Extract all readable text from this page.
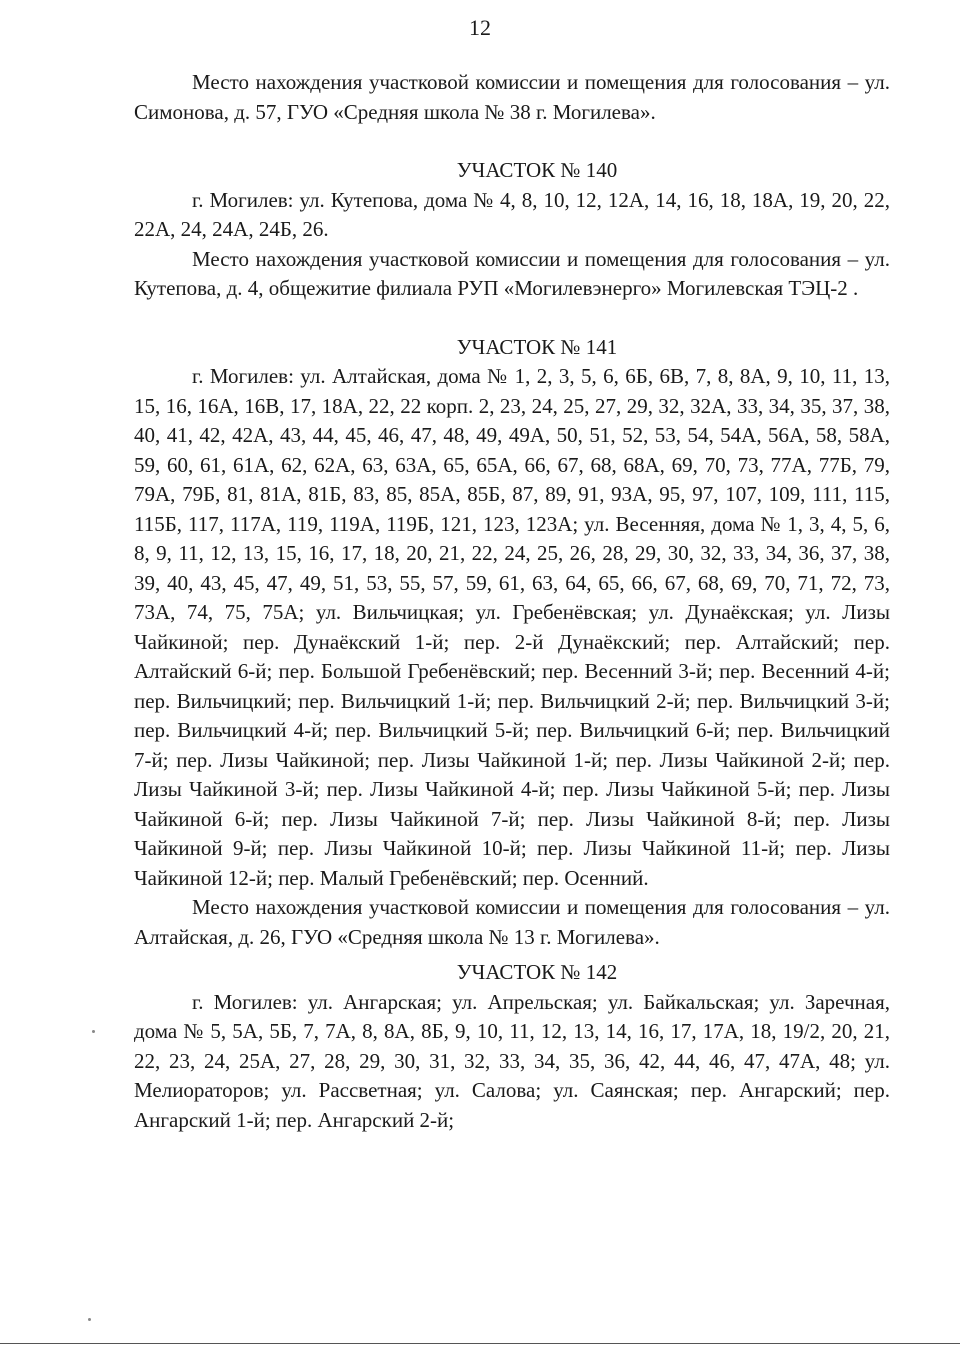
12

Место нахождения участковой комиссии и помещения для голосования – ул. Симонова, д. 57, ГУО «Средняя школа № 38 г. Могилева».

УЧАСТОК № 140

г. Могилев: ул. Кутепова, дома № 4, 8, 10, 12, 12А, 14, 16, 18, 18А, 19, 20, 22, 22А, 24, 24А, 24Б, 26.

Место нахождения участковой комиссии и помещения для голосования – ул. Кутепова, д. 4, общежитие филиала РУП «Могилевэнерго» Могилевская ТЭЦ-2 .

УЧАСТОК № 141

г. Могилев: ул. Алтайская, дома № 1, 2, 3, 5, 6, 6Б, 6В, 7, 8, 8А, 9, 10, 11, 13, 15, 16, 16А, 16В, 17, 18А, 22, 22 корп. 2, 23, 24, 25, 27, 29, 32, 32А, 33, 34, 35, 37, 38, 40, 41, 42, 42А, 43, 44, 45, 46, 47, 48, 49, 49А, 50, 51, 52, 53, 54, 54А, 56А, 58, 58А, 59, 60, 61, 61А, 62, 62А, 63, 63А, 65, 65А, 66, 67, 68, 68А, 69, 70, 73, 77А, 77Б, 79, 79А, 79Б, 81, 81А, 81Б, 83, 85, 85А, 85Б, 87, 89, 91, 93А, 95, 97, 107, 109, 111, 115, 115Б, 117, 117А, 119, 119А, 119Б, 121, 123, 123А; ул. Весенняя, дома № 1, 3, 4, 5, 6, 8, 9, 11, 12, 13, 15, 16, 17, 18, 20, 21, 22, 24, 25, 26, 28, 29, 30, 32, 33, 34, 36, 37, 38, 39, 40, 43, 45, 47, 49, 51, 53, 55, 57, 59, 61, 63, 64, 65, 66, 67, 68, 69, 70, 71, 72, 73, 73А, 74, 75, 75А; ул. Вильчицкая; ул. Гребенёвская; ул. Дунаёкская; ул. Лизы Чайкиной; пер. Дунаёкский 1-й; пер. 2-й Дунаёкский; пер. Алтайский; пер. Алтайский 6-й; пер. Большой Гребенёвский; пер. Весенний 3-й; пер. Весенний 4-й; пер. Вильчицкий; пер. Вильчицкий 1-й; пер. Вильчицкий 2-й; пер. Вильчицкий 3-й; пер. Вильчицкий 4-й; пер. Вильчицкий 5-й; пер. Вильчицкий 6-й; пер. Вильчицкий 7-й; пер. Лизы Чайкиной; пер. Лизы Чайкиной 1-й; пер. Лизы Чайкиной 2-й; пер. Лизы Чайкиной 3-й; пер. Лизы Чайкиной 4-й; пер. Лизы Чайкиной 5-й; пер. Лизы Чайкиной 6-й; пер. Лизы Чайкиной 7-й; пер. Лизы Чайкиной 8-й; пер. Лизы Чайкиной 9-й; пер. Лизы Чайкиной 10-й; пер. Лизы Чайкиной 11-й; пер. Лизы Чайкиной 12-й; пер. Малый Гребенёвский; пер. Осенний.

Место нахождения участковой комиссии и помещения для голосования – ул. Алтайская, д. 26, ГУО «Средняя школа № 13 г. Могилева».

УЧАСТОК № 142

г. Могилев: ул. Ангарская; ул. Апрельская; ул. Байкальская; ул. Заречная, дома № 5, 5А, 5Б, 7, 7А, 8, 8А, 8Б, 9, 10, 11, 12, 13, 14, 16, 17, 17А, 18, 19/2, 20, 21, 22, 23, 24, 25А, 27, 28, 29, 30, 31, 32, 33, 34, 35, 36, 42, 44, 46, 47, 47А, 48; ул. Мелиораторов; ул. Рассветная; ул. Салова; ул. Саянская; пер. Ангарский; пер. Ангарский 1-й; пер. Ангарский 2-й;
